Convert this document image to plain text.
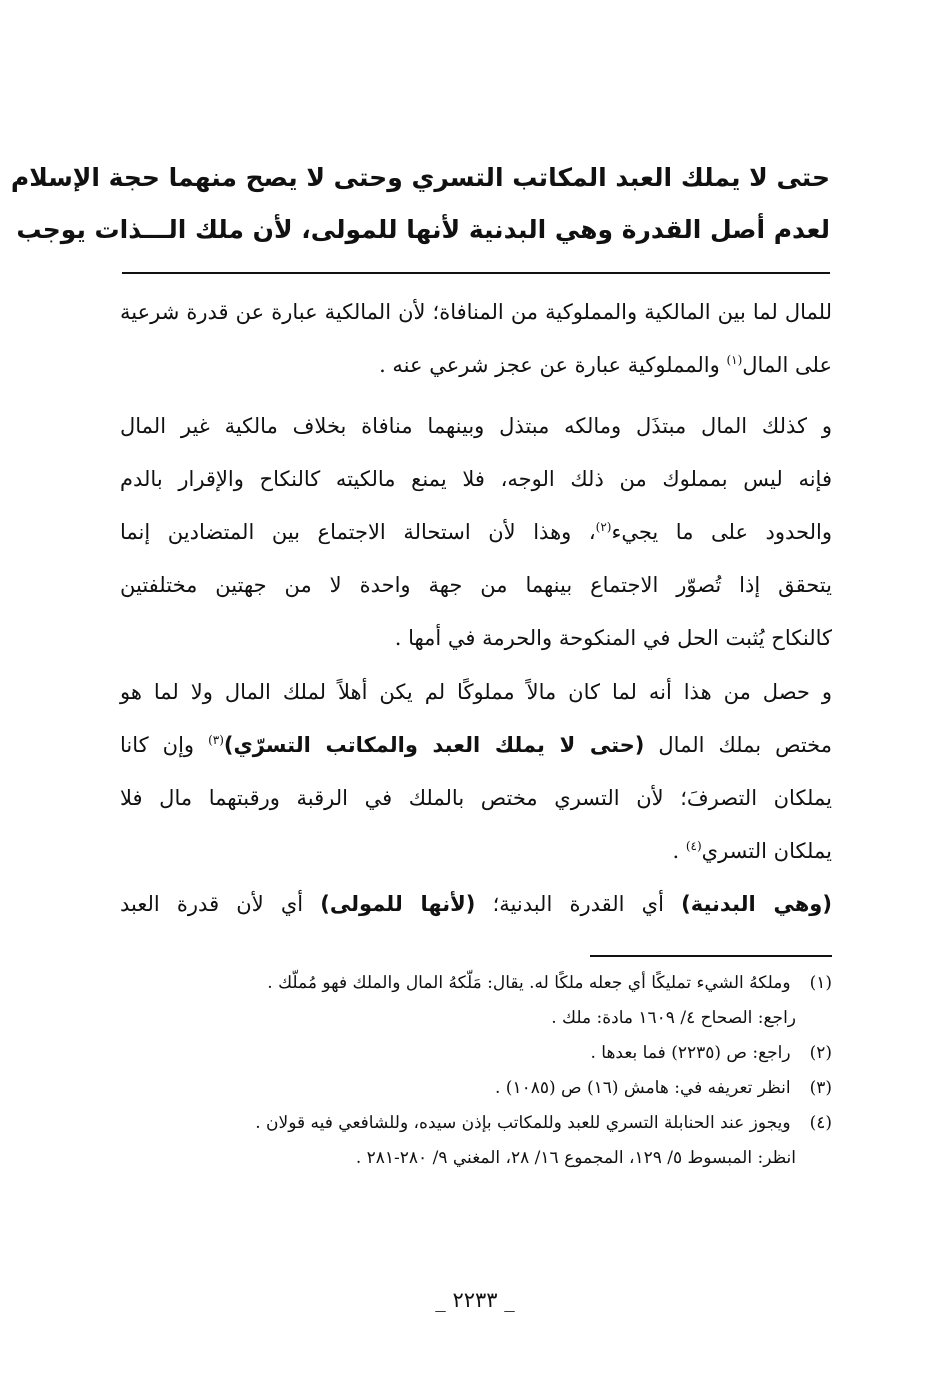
حتى لا يملك العبد المكاتب التسري وحتى لا يصح منهما حجة الإسلام
لعدم أصل القدرة وهي البدنية لأنها للمولى، لأن ملك الـــذات يوجب
للمال لما بين المالكية والمملوكية من المنافاة؛ لأن المالكية عبارة عن قدرة شرعية
على المال$^{(١)}$ والمملوكية عبارة عن عجز شرعي عنه .
و كذلك المال مبتذَل ومالكه مبتذل وبينهما منافاة بخلاف مالكية غير المال
فإنه ليس بمملوك من ذلك الوجه، فلا يمنع مالكيته كالنكاح والإقرار بالدم
والحدود على ما يجيء$^{(٢)}$، وهذا لأن استحالة الاجتماع بين المتضادين إنما
يتحقق إذا تُصوّر الاجتماع بينهما من جهة واحدة لا من جهتين مختلفتين
كالنكاح يُثبت الحل في المنكوحة والحرمة في أمها .
و حصل من هذا أنه لما كان مالاً مملوكًا لم يكن أهلاً لملك المال ولا لما هو
مختص بملك المال (حتى لا يملك العبد والمكاتب التسرّي)$^{(٣)}$ وإن كانا
يملكان التصرفَ؛ لأن التسري مختص بالملك في الرقبة ورقبتهما مال فلا
يملكان التسري$^{(٤)}$ .
(وهي البدنية) أي القدرة البدنية؛ (لأنها للمولى) أي لأن قدرة العبد
(١) وملكهُ الشيء تمليكًا أي جعله ملكًا له. يقال: مَلّكهُ المال والملك فهو مُملّك .
راجع: الصحاح ٤/ ١٦٠٩ مادة: ملك .
(٢) راجع: ص (٢٢٣٥) فما بعدها .
(٣) انظر تعريفه في: هامش (١٦) ص (١٠٨٥) .
(٤) ويجوز عند الحنابلة التسري للعبد وللمكاتب بإذن سيده، وللشافعي فيه قولان .
انظر: المبسوط ٥/ ١٢٩، المجموع ١٦/ ٢٨، المغني ٩/ ٢٨٠-٢٨١ .
_ ٢٢٣٣ _
